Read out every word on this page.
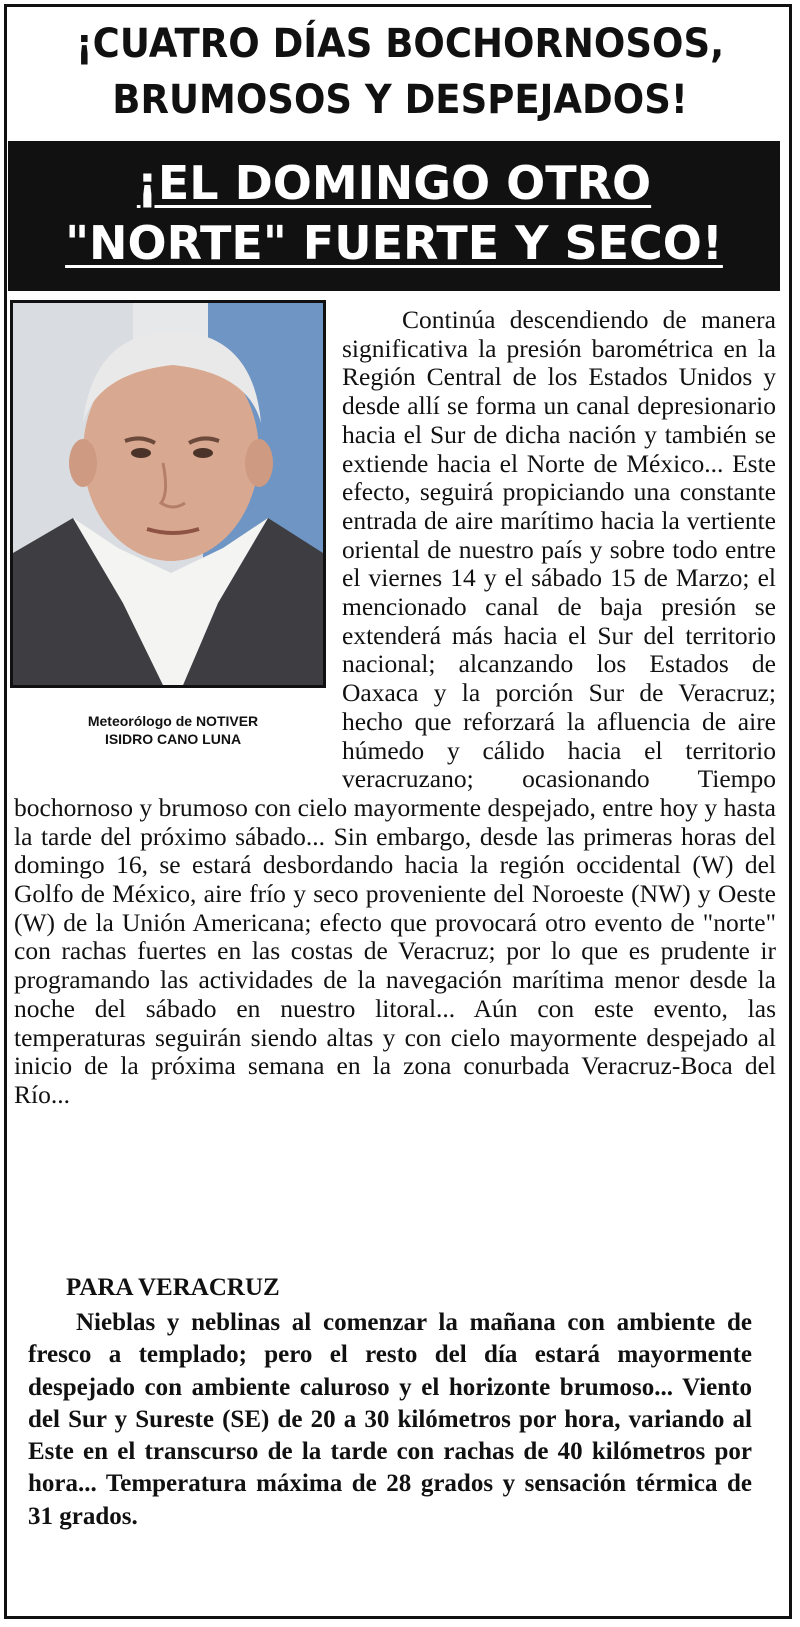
¡CUATRO DÍAS BOCHORNOSOS,
BRUMOSOS Y DESPEJADOS!
¡EL DOMINGO OTRO
"NORTE" FUERTE Y SECO!
Meteorólogo de NOTIVER
ISIDRO CANO LUNA

Continúa descendiendo de manera significativa la presión barométrica en la Región Central de los Estados Unidos y desde allí se forma un canal depresionario hacia el Sur de dicha nación y también se extiende hacia el Norte de México... Este efecto, seguirá propiciando una constante entrada de aire marítimo hacia la vertiente oriental de nuestro país y sobre todo entre el viernes 14 y el sábado 15 de Marzo; el mencionado canal de baja presión se extenderá más hacia el Sur del territorio nacional; alcanzando los Estados de Oaxaca y la porción Sur de Veracruz; hecho que reforzará la afluencia de aire húmedo y cálido hacia el territorio veracruzano; ocasionando Tiempo bochornoso y brumoso con cielo mayormente despejado, entre hoy y hasta la tarde del próximo sábado... Sin embargo, desde las primeras horas del domingo 16, se estará desbordando hacia la región occidental (W) del Golfo de México, aire frío y seco proveniente del Noroeste (NW) y Oeste (W) de la Unión Americana; efecto que provocará otro evento de "norte" con rachas fuertes en las costas de Veracruz; por lo que es prudente ir programando las actividades de la navegación marítima menor desde la noche del sábado en nuestro litoral... Aún con este evento, las temperaturas seguirán siendo altas y con cielo mayormente despejado al inicio de la próxima semana en la zona conurbada Veracruz-Boca del Río...

PARA VERACRUZ
Nieblas y neblinas al comenzar la mañana con ambiente de fresco a templado; pero el resto del día estará mayormente despejado con ambiente caluroso y el horizonte brumoso... Viento del Sur y Sureste (SE) de 20 a 30 kilómetros por hora, variando al Este en el transcurso de la tarde con rachas de 40 kilómetros por hora... Temperatura máxima de 28 grados y sensación térmica de 31 grados.
